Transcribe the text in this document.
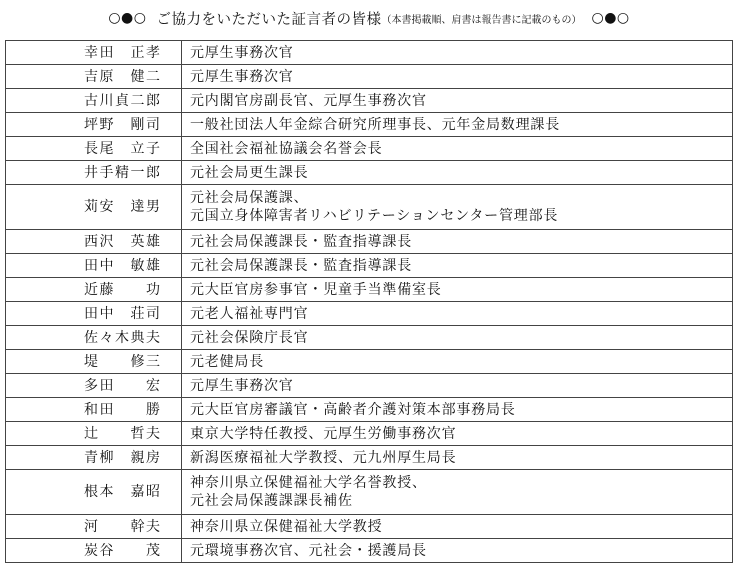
○●○ ご協力をいただいた証言者の皆様 （本書掲載順、肩書は報告書に記載のもの） ○●○
幸田　正孝	元厚生事務次官

吉原　健二	元厚生事務次官

古川貞二郎	元内閣官房副長官、元厚生事務次官

坪野　剛司	一般社団法人年金綜合研究所理事長、元年金局数理課長

長尾　立子	全国社会福祉協議会名誉会長

井手精一郎	元社会局更生課長

苅安　達男	元社会局保護課、
元国立身体障害者リハビリテーションセンター管理部長

西沢　英雄	元社会局保護課長・監査指導課長

田中　敏雄	元社会局保護課長・監査指導課長

近藤　　功	元大臣官房参事官・児童手当準備室長

田中　荘司	元老人福祉専門官

佐々木典夫	元社会保険庁長官

堤　　修三	元老健局長

多田　　宏	元厚生事務次官

和田　　勝	元大臣官房審議官・高齢者介護対策本部事務局長

辻　　哲夫	東京大学特任教授、元厚生労働事務次官

青柳　親房	新潟医療福祉大学教授、元九州厚生局長

根本　嘉昭	神奈川県立保健福祉大学名誉教授、
元社会局保護課課長補佐

河　　幹夫	神奈川県立保健福祉大学教授

炭谷　　茂	元環境事務次官、元社会・援護局長
